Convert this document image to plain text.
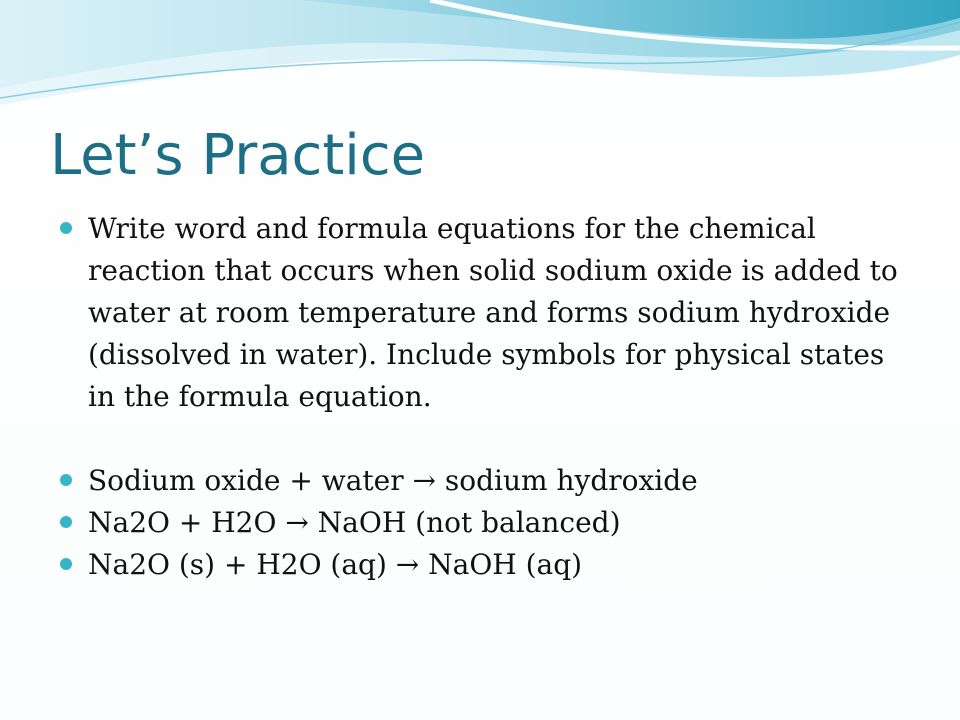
Let’s Practice
Write word and formula equations for the chemical reaction that occurs when solid sodium oxide is added to water at room temperature and forms sodium hydroxide (dissolved in water). Include symbols for physical states in the formula equation.
Sodium oxide + water → sodium hydroxide
Na2O + H2O → NaOH (not balanced)
Na2O (s) + H2O (aq) → NaOH (aq)
